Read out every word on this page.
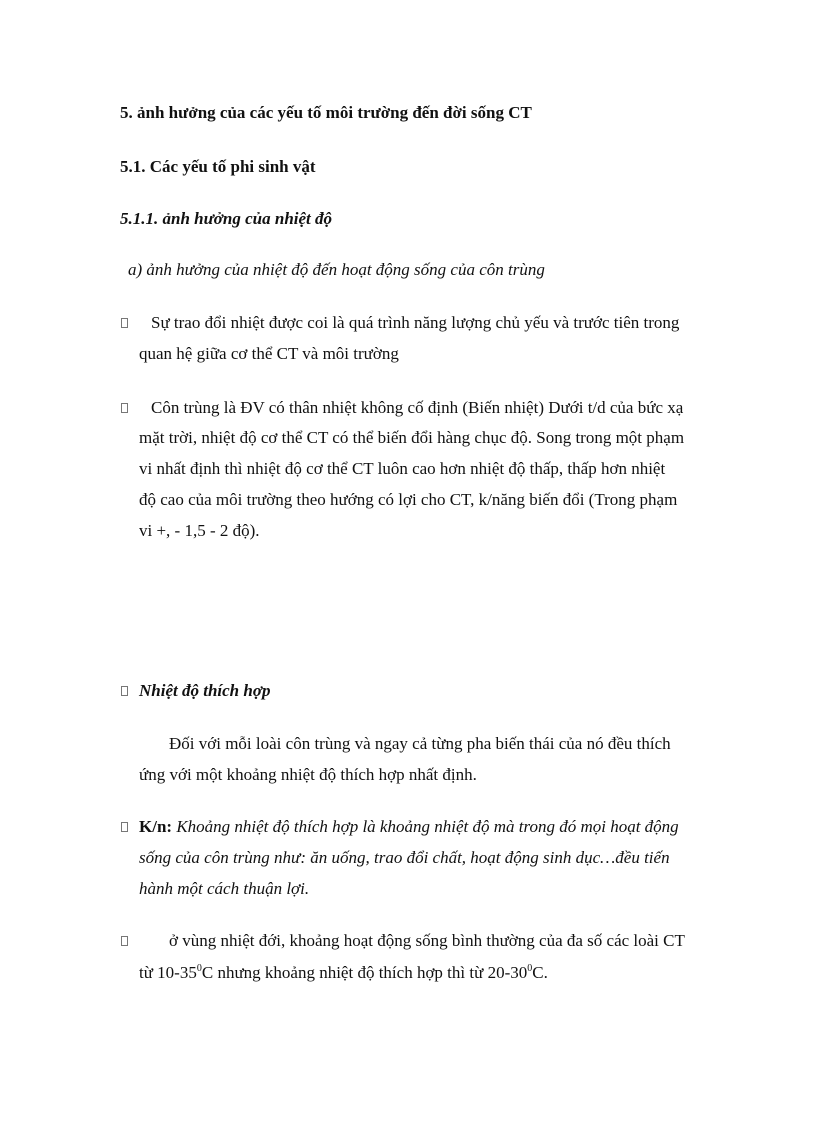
5. ảnh hưởng của các yếu tố môi trường đến đời sống CT
5.1. Các yếu tố phi sinh vật
5.1.1. ảnh hưởng của nhiệt độ
a) ảnh hưởng của nhiệt độ đến hoạt động sống của côn trùng
Sự trao đổi nhiệt được coi là quá trình năng lượng chủ yếu và trước tiên trong
quan hệ giữa cơ thể CT và môi trường
Côn trùng là ĐV có thân nhiệt không cố định (Biến nhiệt) Dưới t/d của bức xạ
mặt trời, nhiệt độ cơ thể CT có thể biến đổi hàng chục độ. Song trong một phạm
vi nhất định thì nhiệt độ cơ thể CT luôn cao hơn nhiệt độ thấp, thấp hơn nhiệt
độ cao của môi trường theo hướng có lợi cho CT, k/năng biến đổi (Trong phạm
vi +, - 1,5 - 2 độ).
Nhiệt độ thích hợp
Đối với mỗi loài côn trùng và ngay cả từng pha biến thái của nó đều thích
ứng với một khoảng nhiệt độ thích hợp nhất định.
K/n: Khoảng nhiệt độ thích hợp là khoảng nhiệt độ mà trong đó mọi hoạt động
sống của côn trùng như: ăn uống, trao đổi chất, hoạt động sinh dục…đều tiến
hành một cách thuận lợi.
ở vùng nhiệt đới, khoảng hoạt động sống bình thường của đa số các loài CT
từ $10-35^0C$ nhưng khoảng nhiệt độ thích hợp thì từ $20-30^0C$.
